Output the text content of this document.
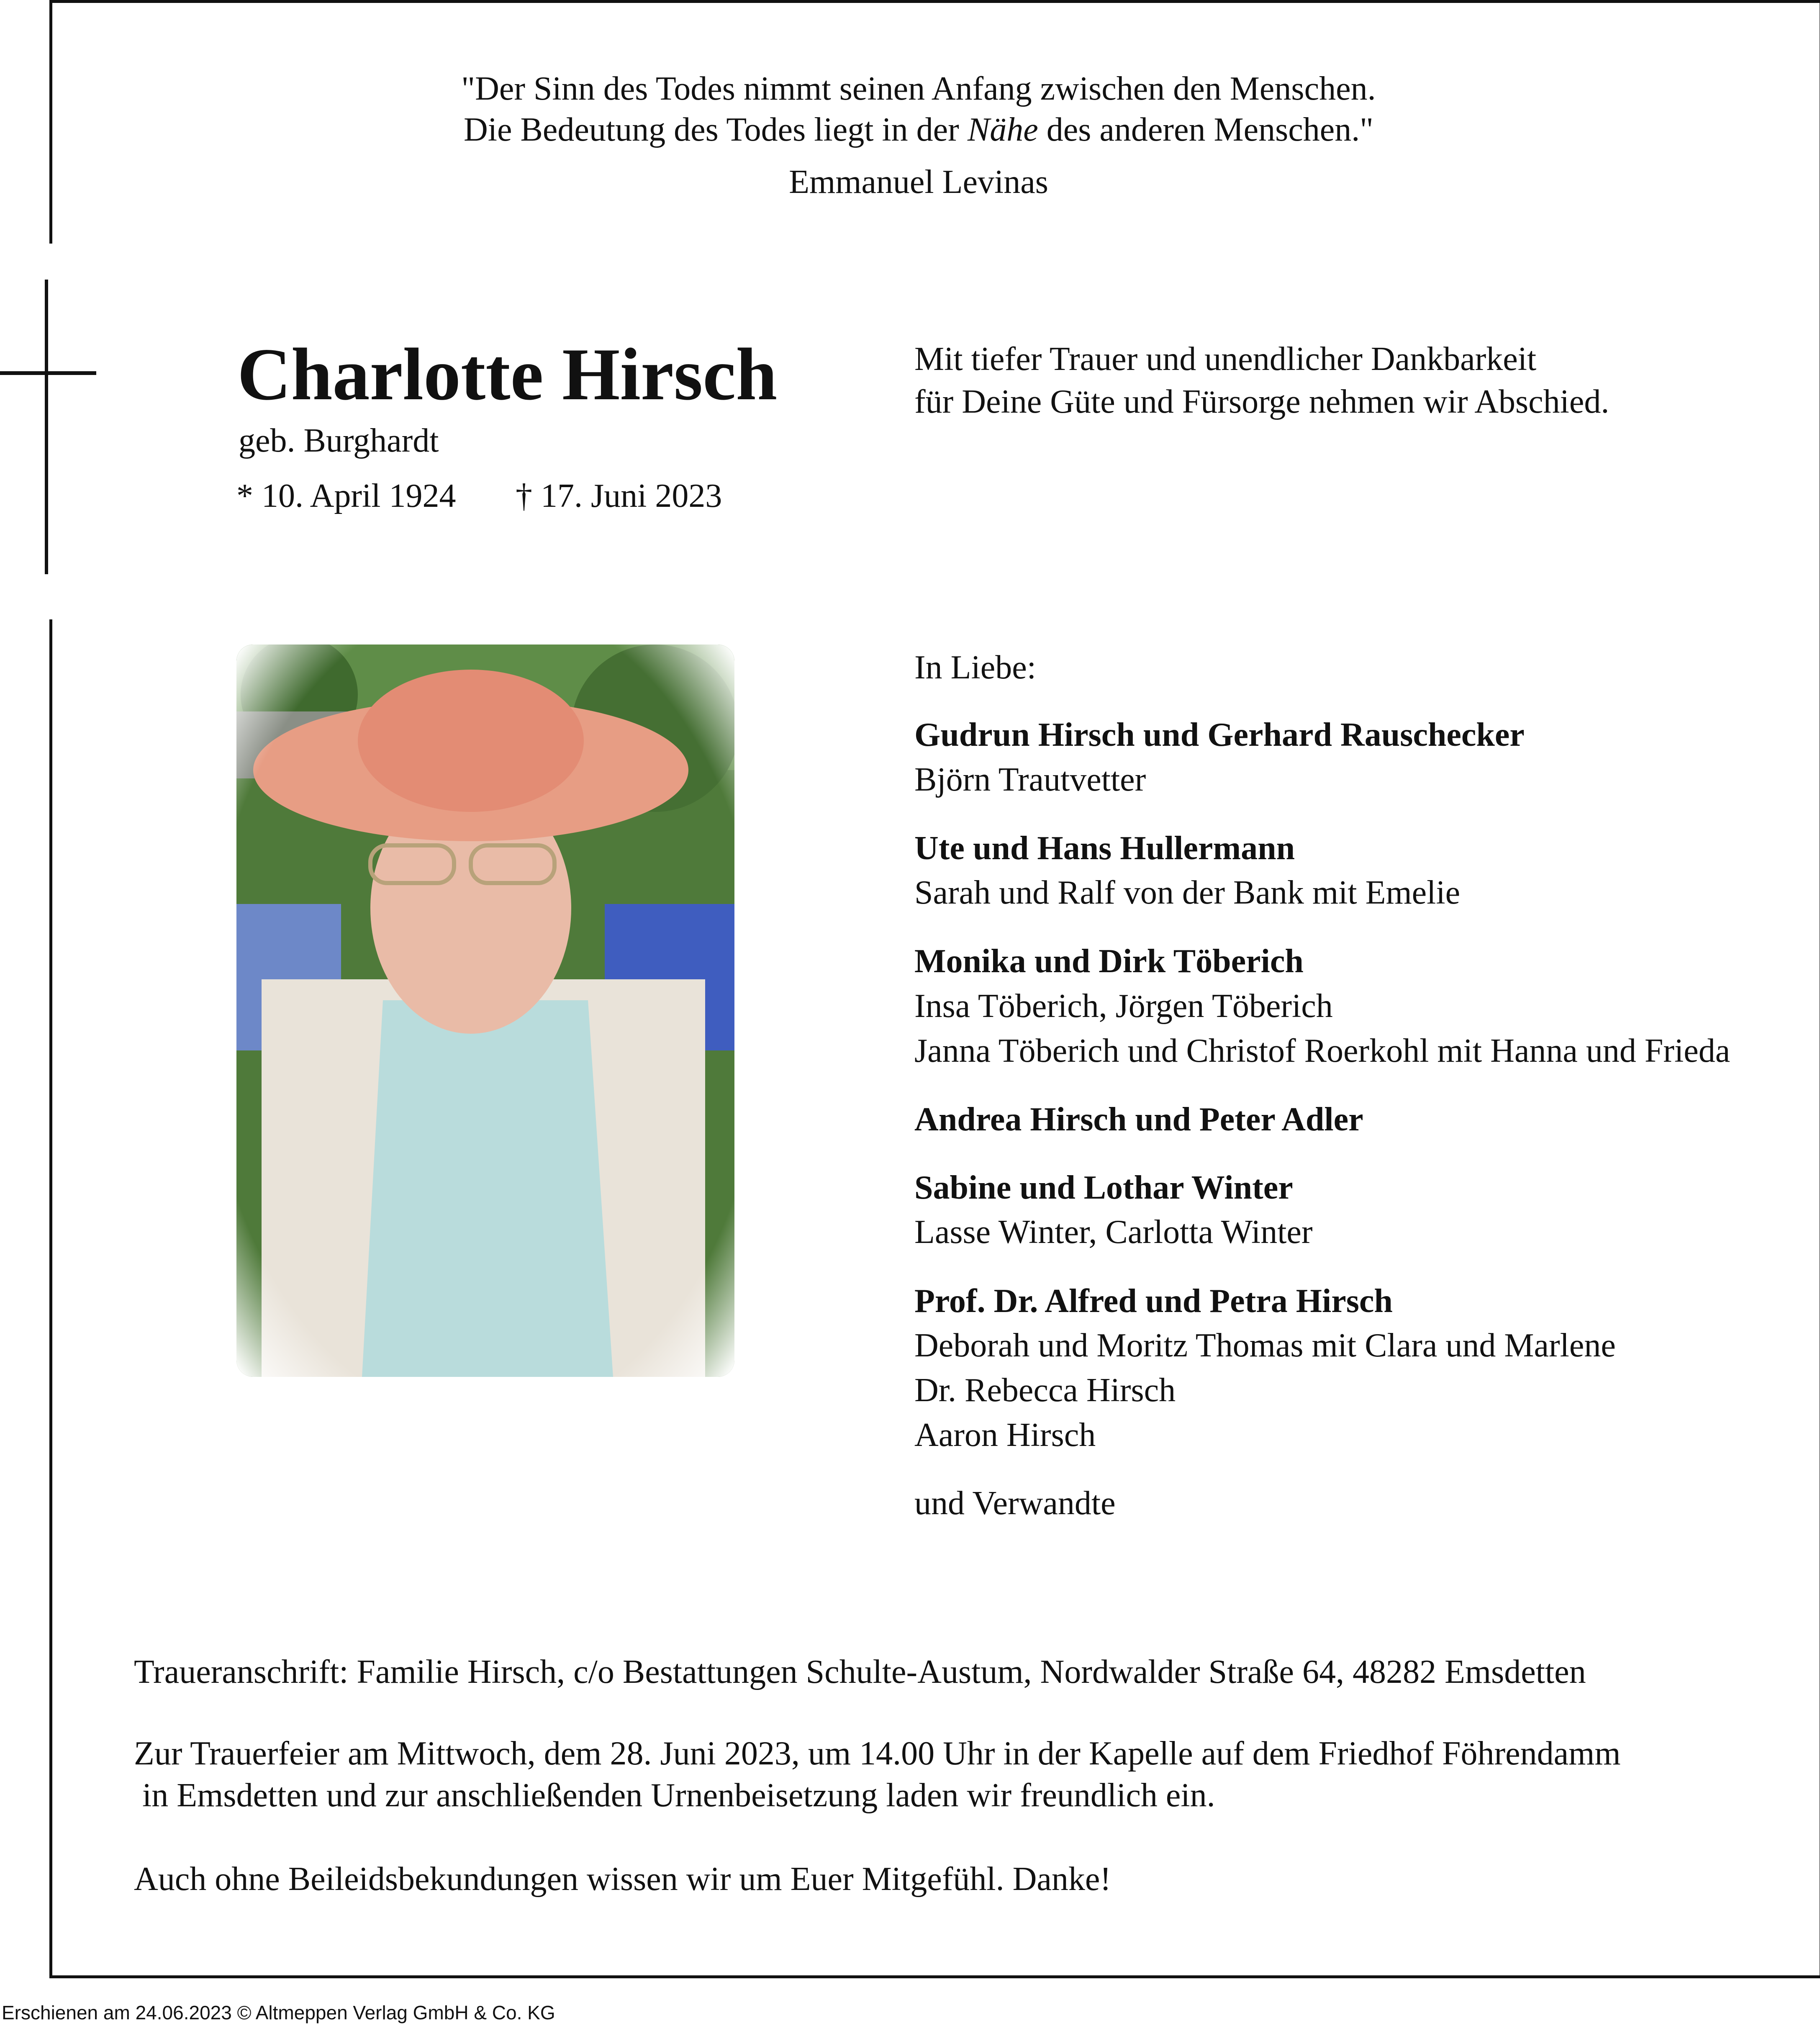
"Der Sinn des Todes nimmt seinen Anfang zwischen den Menschen.
Die Bedeutung des Todes liegt in der Nähe des anderen Menschen."
Emmanuel Levinas
Charlotte Hirsch
geb. Burghardt
* 10. April 1924 † 17. Juni 2023
Mit tiefer Trauer und unendlicher Dankbarkeit
für Deine Güte und Fürsorge nehmen wir Abschied.
In Liebe:
Gudrun Hirsch und Gerhard Rauschecker
Björn Trautvetter
Ute und Hans Hullermann
Sarah und Ralf von der Bank mit Emelie
Monika und Dirk Töberich
Insa Töberich, Jörgen Töberich
Janna Töberich und Christof Roerkohl mit Hanna und Frieda
Andrea Hirsch und Peter Adler
Sabine und Lothar Winter
Lasse Winter, Carlotta Winter
Prof. Dr. Alfred und Petra Hirsch
Deborah und Moritz Thomas mit Clara und Marlene
Dr. Rebecca Hirsch
Aaron Hirsch
und Verwandte
Traueranschrift: Familie Hirsch, c/o Bestattungen Schulte-Austum, Nordwalder Straße 64, 48282 Emsdetten
Zur Trauerfeier am Mittwoch, dem 28. Juni 2023, um 14.00 Uhr in der Kapelle auf dem Friedhof Föhrendamm
in Emsdetten und zur anschließenden Urnenbeisetzung laden wir freundlich ein.
Auch ohne Beileidsbekundungen wissen wir um Euer Mitgefühl. Danke!
Erschienen am 24.06.2023 © Altmeppen Verlag GmbH & Co. KG
